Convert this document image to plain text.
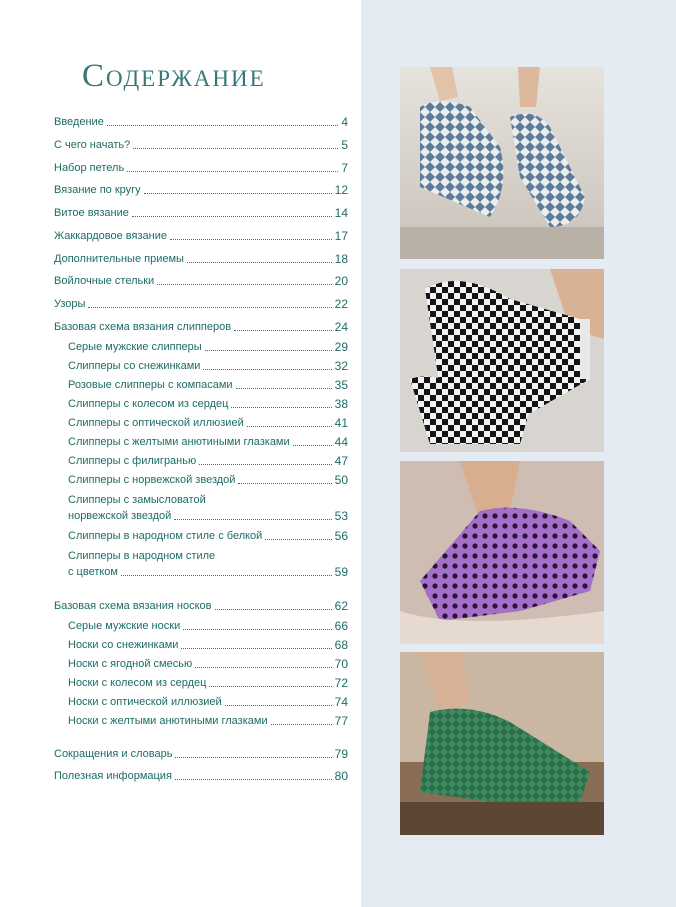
Содержание
Введение	4
С чего начать?	5
Набор петель	7
Вязание по кругу	12
Витое вязание	14
Жаккардовое вязание	17
Дополнительные приемы	18
Войлочные стельки	20
Узоры	22
Базовая схема вязания слипперов	24
Серые мужские слипперы	29
Слипперы со снежинками	32
Розовые слипперы с компасами	35
Слипперы с колесом из сердец	38
Слипперы с оптической иллюзией	41
Слипперы с желтыми анютиными глазками	44
Слипперы с филигранью	47
Слипперы с норвежской звездой	50
Слипперы с замысловатой
норвежской звездой	53
Слипперы в народном стиле с белкой	56
Слипперы в народном стиле
с цветком	59
Базовая схема вязания носков	62
Серые мужские носки	66
Носки со снежинками	68
Носки с ягодной смесью	70
Носки с колесом из сердец	72
Носки с оптической иллюзией	74
Носки с желтыми анютиными глазками	77
Сокращения и словарь	79
Полезная информация	80
